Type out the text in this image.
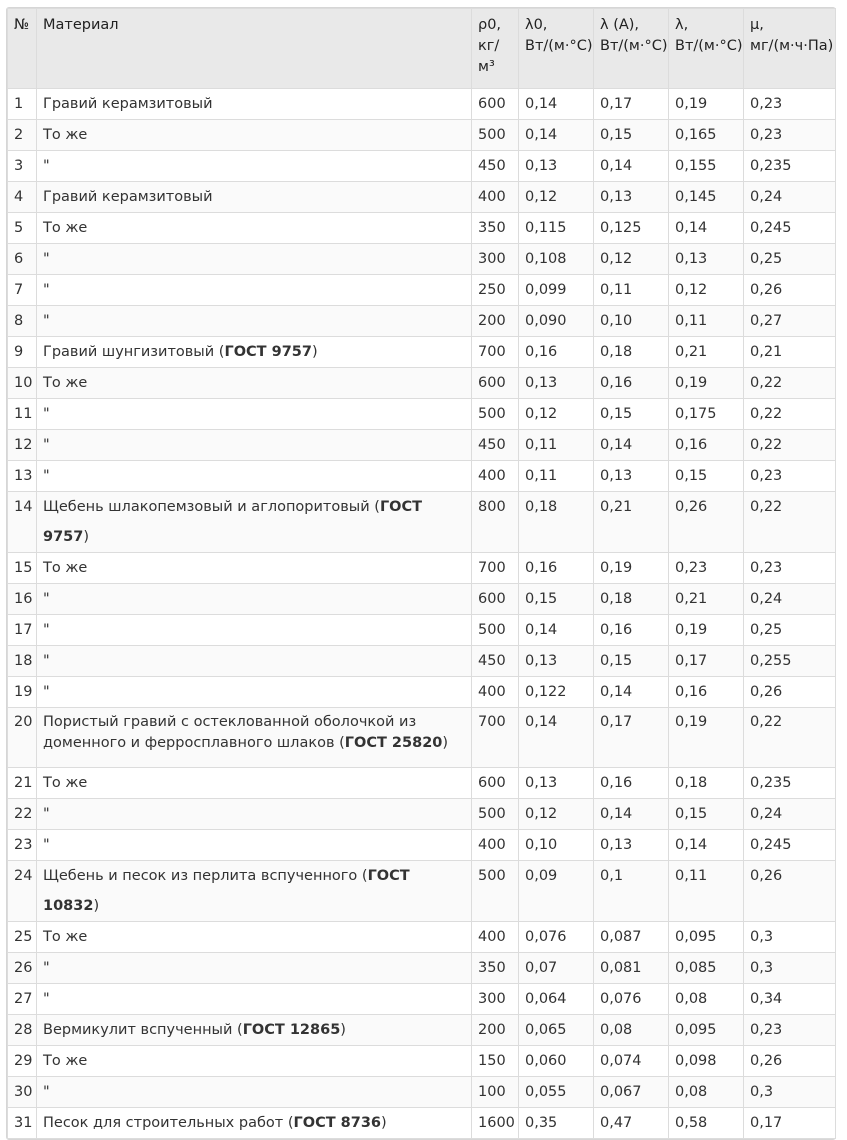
№	Материал	ρ0, кг/м³	λ0, Вт/(м·°С)	λ (А), Вт/(м·°С)	λ, Вт/(м·°С)	μ, мг/(м·ч·Па)
1	Гравий керамзитовый	600	0,14	0,17	0,19	0,23
2	То же	500	0,14	0,15	0,165	0,23
3	"	450	0,13	0,14	0,155	0,235
4	Гравий керамзитовый	400	0,12	0,13	0,145	0,24
5	То же	350	0,115	0,125	0,14	0,245
6	"	300	0,108	0,12	0,13	0,25
7	"	250	0,099	0,11	0,12	0,26
8	"	200	0,090	0,10	0,11	0,27
9	Гравий шунгизитовый (ГОСТ 9757)	700	0,16	0,18	0,21	0,21
10	То же	600	0,13	0,16	0,19	0,22
11	"	500	0,12	0,15	0,175	0,22
12	"	450	0,11	0,14	0,16	0,22
13	"	400	0,11	0,13	0,15	0,23
14	Щебень шлакопемзовый и аглопоритовый (ГОСТ 9757)	800	0,18	0,21	0,26	0,22
15	То же	700	0,16	0,19	0,23	0,23
16	"	600	0,15	0,18	0,21	0,24
17	"	500	0,14	0,16	0,19	0,25
18	"	450	0,13	0,15	0,17	0,255
19	"	400	0,122	0,14	0,16	0,26
20	Пористый гравий с остеклованной оболочкой из доменного и ферросплавного шлаков (ГОСТ 25820)	700	0,14	0,17	0,19	0,22
21	То же	600	0,13	0,16	0,18	0,235
22	"	500	0,12	0,14	0,15	0,24
23	"	400	0,10	0,13	0,14	0,245
24	Щебень и песок из перлита вспученного (ГОСТ 10832)	500	0,09	0,1	0,11	0,26
25	То же	400	0,076	0,087	0,095	0,3
26	"	350	0,07	0,081	0,085	0,3
27	"	300	0,064	0,076	0,08	0,34
28	Вермикулит вспученный (ГОСТ 12865)	200	0,065	0,08	0,095	0,23
29	То же	150	0,060	0,074	0,098	0,26
30	"	100	0,055	0,067	0,08	0,3
31	Песок для строительных работ (ГОСТ 8736)	1600	0,35	0,47	0,58	0,17
